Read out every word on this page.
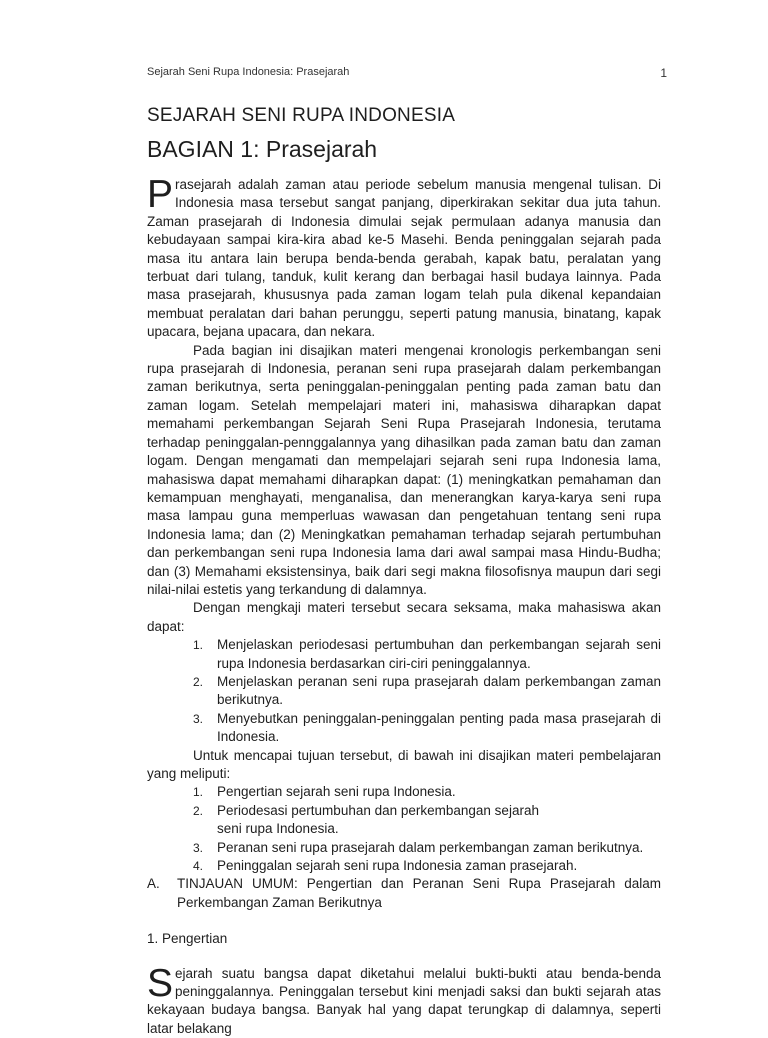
Sejarah Seni Rupa Indonesia: Prasejarah	1
SEJARAH SENI RUPA INDONESIA
BAGIAN 1: Prasejarah

Prasejarah adalah zaman atau periode sebelum manusia mengenal tulisan. Di Indonesia masa tersebut sangat panjang, diperkirakan sekitar dua juta tahun. Zaman prasejarah di Indonesia dimulai sejak permulaan adanya manusia dan kebudayaan sampai kira-kira abad ke-5 Masehi. Benda peninggalan sejarah pada masa itu antara lain berupa benda-benda gerabah, kapak batu, peralatan yang terbuat dari tulang, tanduk, kulit kerang dan berbagai hasil budaya lainnya. Pada masa prasejarah, khususnya pada zaman logam telah pula dikenal kepandaian membuat peralatan dari bahan perunggu, seperti patung manusia, binatang, kapak upacara, bejana upacara, dan nekara.

Pada bagian ini disajikan materi mengenai kronologis perkembangan seni rupa prasejarah di Indonesia, peranan seni rupa prasejarah dalam perkembangan zaman berikutnya, serta peninggalan-peninggalan penting pada zaman batu dan zaman logam. Setelah mempelajari materi ini, mahasiswa diharapkan dapat memahami perkembangan Sejarah Seni Rupa Prasejarah Indonesia, terutama terhadap peninggalan-pennggalannya yang dihasilkan pada zaman batu dan zaman logam. Dengan mengamati dan mempelajari sejarah seni rupa Indonesia lama, mahasiswa dapat memahami diharapkan dapat: (1) meningkatkan pemahaman dan kemampuan menghayati, menganalisa, dan menerangkan karya-karya seni rupa masa lampau guna memperluas wawasan dan pengetahuan tentang seni rupa Indonesia lama; dan (2) Meningkatkan pemahaman terhadap sejarah pertumbuhan dan perkembangan seni rupa Indonesia lama dari awal sampai masa Hindu-Budha; dan (3) Memahami eksistensinya, baik dari segi makna filosofisnya maupun dari segi nilai-nilai estetis yang terkandung di dalamnya.

Dengan mengkaji materi tersebut secara seksama, maka mahasiswa akan dapat:

1. Menjelaskan periodesasi pertumbuhan dan perkembangan sejarah seni rupa Indonesia berdasarkan ciri-ciri peninggalannya.
2. Menjelaskan peranan seni rupa prasejarah dalam perkembangan zaman berikutnya.
3. Menyebutkan peninggalan-peninggalan penting pada masa prasejarah di Indonesia.

Untuk mencapai tujuan tersebut, di bawah ini disajikan materi pembelajaran yang meliputi:

1. Pengertian sejarah seni rupa Indonesia.
2. Periodesasi pertumbuhan dan perkembangan sejarah seni rupa Indonesia.
3. Peranan seni rupa prasejarah dalam perkembangan zaman berikutnya.
4. Peninggalan sejarah seni rupa Indonesia zaman prasejarah.
A. TINJAUAN UMUM: Pengertian dan Peranan Seni Rupa Prasejarah dalam Perkembangan Zaman Berikutnya

1. Pengertian

Sejarah suatu bangsa dapat diketahui melalui bukti-bukti atau benda-benda peninggalannya. Peninggalan tersebut kini menjadi saksi dan bukti sejarah atas kekayaan budaya bangsa. Banyak hal yang dapat terungkap di dalamnya, seperti latar belakang
